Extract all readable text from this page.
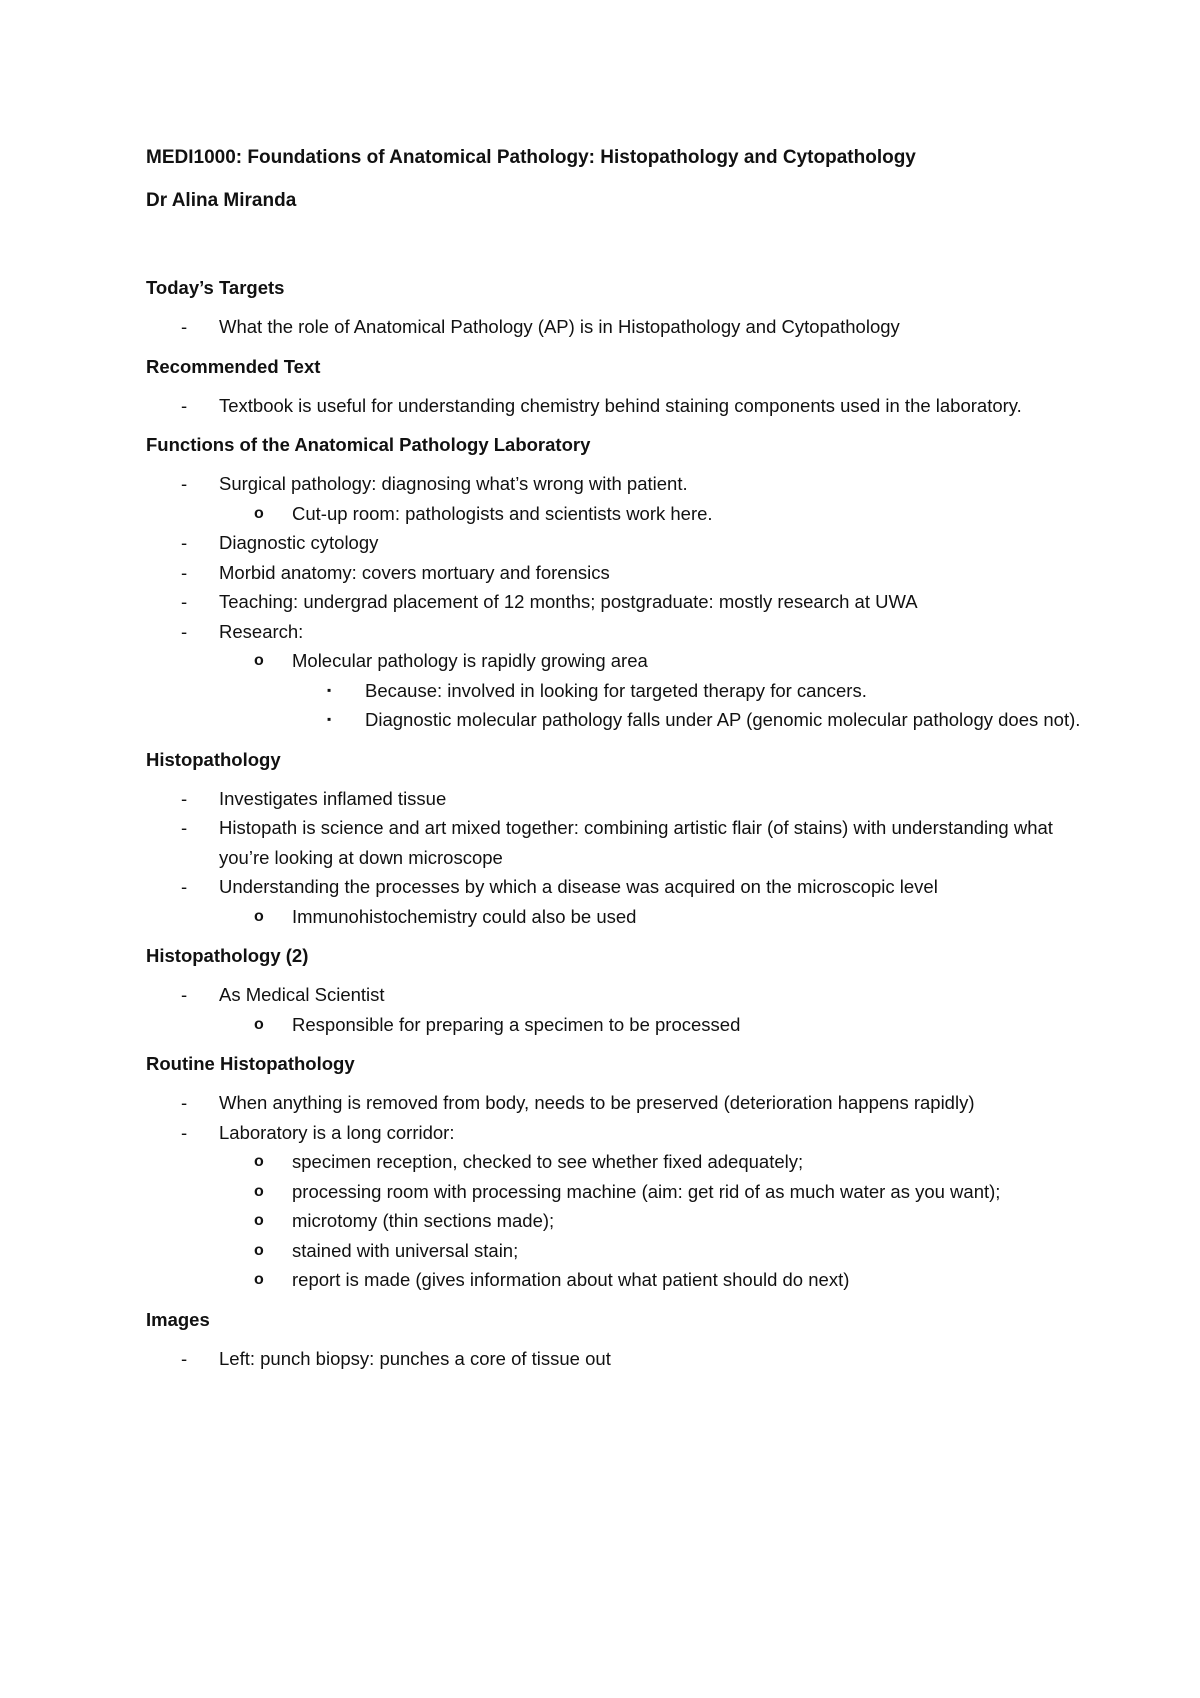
MEDI1000: Foundations of Anatomical Pathology: Histopathology and Cytopathology
Dr Alina Miranda
Today’s Targets
-	What the role of Anatomical Pathology (AP) is in Histopathology and Cytopathology
Recommended Text
-	Textbook is useful for understanding chemistry behind staining components used in the laboratory.
Functions of the Anatomical Pathology Laboratory
-	Surgical pathology: diagnosing what’s wrong with patient.
o	Cut-up room: pathologists and scientists work here.
-	Diagnostic cytology
-	Morbid anatomy: covers mortuary and forensics
-	Teaching: undergrad placement of 12 months; postgraduate: mostly research at UWA
-	Research:
o	Molecular pathology is rapidly growing area
▪	Because: involved in looking for targeted therapy for cancers.
▪	Diagnostic molecular pathology falls under AP (genomic molecular pathology does not).
Histopathology
-	Investigates inflamed tissue
-	Histopath is science and art mixed together: combining artistic flair (of stains) with understanding what you’re looking at down microscope
-	Understanding the processes by which a disease was acquired on the microscopic level
o	Immunohistochemistry could also be used
Histopathology (2)
-	As Medical Scientist
o	Responsible for preparing a specimen to be processed
Routine Histopathology
-	When anything is removed from body, needs to be preserved (deterioration happens rapidly)
-	Laboratory is a long corridor:
o	specimen reception, checked to see whether fixed adequately;
o	processing room with processing machine (aim: get rid of as much water as you want);
o	microtomy (thin sections made);
o	stained with universal stain;
o	report is made (gives information about what patient should do next)
Images
-	Left: punch biopsy: punches a core of tissue out
